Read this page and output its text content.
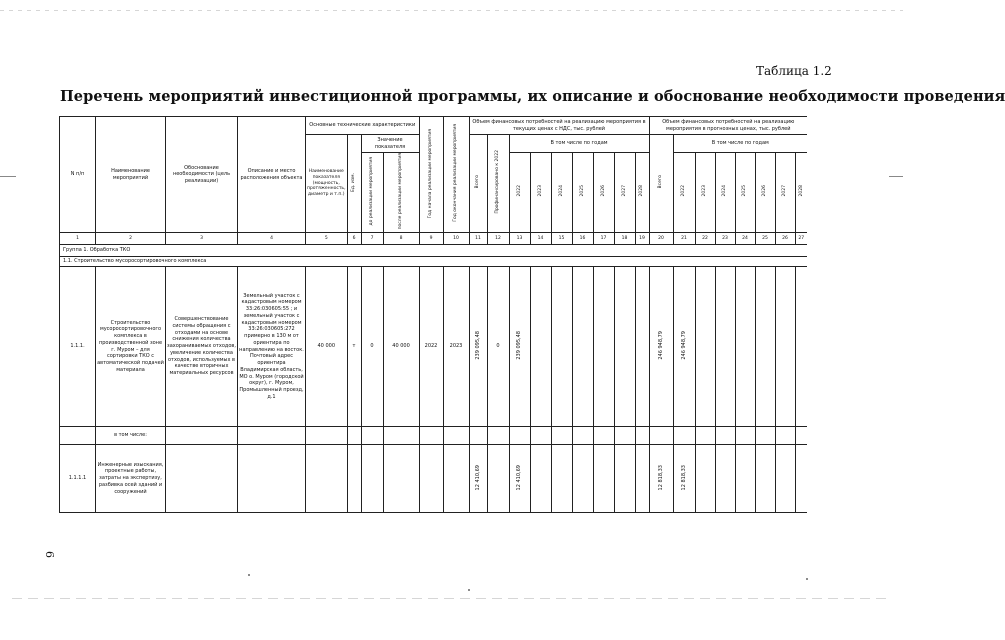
Таблица 1.2
Перечень мероприятий инвестиционной программы, их описание и обоснование необходимости проведения
6
N п/п	Наименование мероприятий	Обоснование необходимости (цель реализации)	Описание и место расположения объекта	Основные технические характеристики				Год начала реализации мероприятия	Год окончания реализации мероприятия	Объем финансовых потребностей на реализацию мероприятия в текущих ценах с НДС, тыс. рублей									Объем финансовых потребностей на реализацию мероприятия в прогнозных ценах, тыс. рублей							
				Наименование показателя (мощность, протяженность, диаметр и т.п.)	Ед. изм.	Значение показателя				Всего	Профинансировано к 2022	В том числе по годам							Всего	В том числе по годам						
						до реализации мероприятия	после реализации мероприятия					2022	2023	2024	2025	2026	2027	2028		2022	2023	2024	2025	2026	2027	2028
1	2	3	4	5	6	7	8	9	10	11	12	13	14	15	16	17	18	19	20	21	22	23	24	25	26	27
Группа 1. Обработка ТКО																										
1.1. Строительство мусоросортировочного комплекса																										
1.1.1.	Строительство мусоросортировочного комплекса в производственной зоне г. Муром – для сортировки ТКО с автоматической подачей материала	Совершенствование системы обращения с отходами на основе снижения количества захораниваемых отходов, увеличение количества отходов, используемых в качестве вторичных материальных ресурсов	Земельный участок с кадастровым номером 33:26:030605:55 ; и земельный участок с кадастровым номером 33:26:030605:272 примерно в 130 м от ориентира по направлению на восток. Почтовый адрес ориентира Владимирская область, МО о. Муром (городской округ), г. Муром, Промышленный проезд, д.1	40 000	т	0	40 000	2022	2023	239 095,48	0	239 095,48							246 948,79	246 948,79						
	в том числе:																									
1.1.1.1	Инженерные изыскания, проектные работы, затраты на экспертизу, разбивка осей зданий и сооружений									12 410,69		12 410,69							12 818,33	12 818,33						
